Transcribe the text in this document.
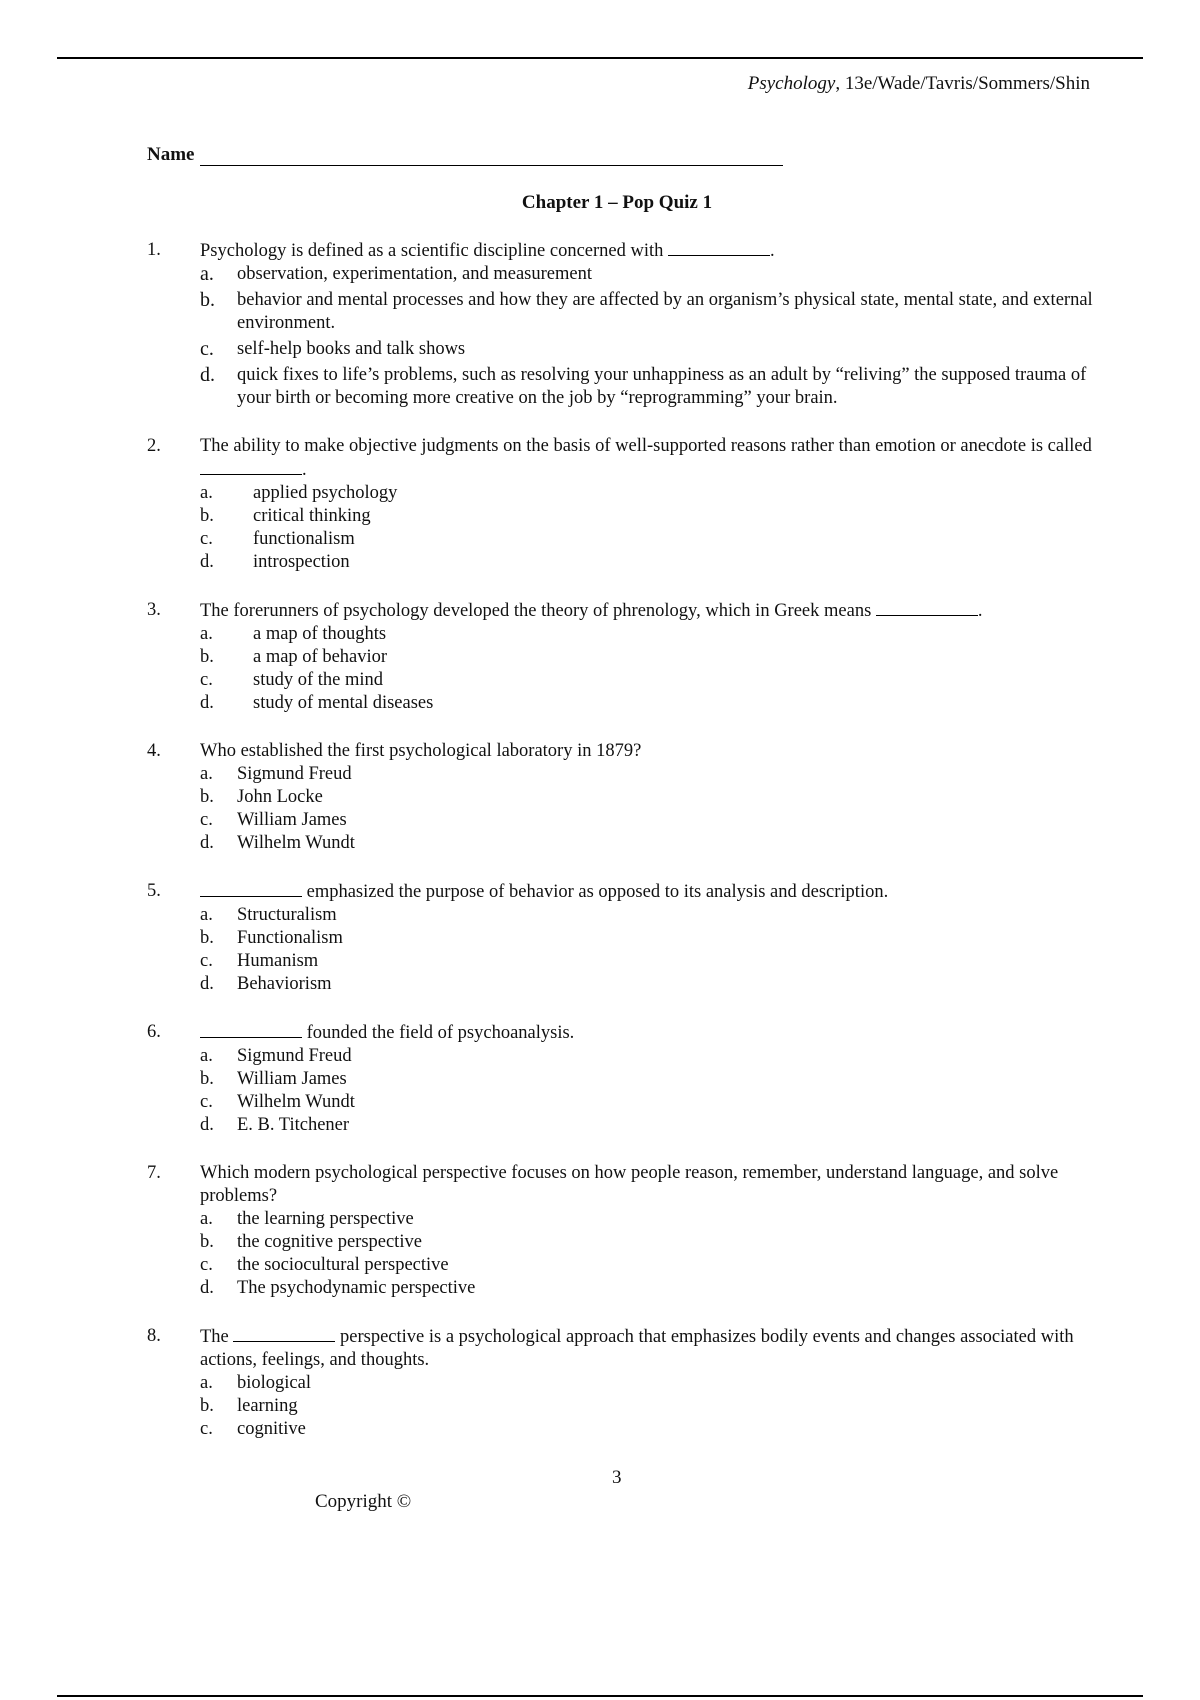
Psychology, 13e/Wade/Tavris/Sommers/Shin
Name
Chapter 1 – Pop Quiz 1
1. Psychology is defined as a scientific discipline concerned with	.
a. observation, experimentation, and measurement
b. behavior and mental processes and how they are affected by an organism’s physical state, mental state, and external environment.
c. self-help books and talk shows
d. quick fixes to life’s problems, such as resolving your unhappiness as an adult by “reliving” the supposed trauma of your birth or becoming more creative on the job by “reprogramming” your brain.
2. The ability to make objective judgments on the basis of well-supported reasons rather than emotion or anecdote is called .
a. applied psychology
b. critical thinking
c. functionalism
d. introspection
3. The forerunners of psychology developed the theory of phrenology, which in Greek means	.
a. a map of thoughts
b. a map of behavior
c. study of the mind
d. study of mental diseases
4. Who established the first psychological laboratory in 1879?
a. Sigmund Freud
b. John Locke
c. William James
d. Wilhelm Wundt
5.	emphasized the purpose of behavior as opposed to its analysis and description.
a. Structuralism
b. Functionalism
c. Humanism
d. Behaviorism
6.	founded the field of psychoanalysis.
a. Sigmund Freud
b. William James
c. Wilhelm Wundt
d. E. B. Titchener
7. Which modern psychological perspective focuses on how people reason, remember, understand language, and solve problems?
a. the learning perspective
b. the cognitive perspective
c. the sociocultural perspective
d. The psychodynamic perspective
8. The	perspective is a psychological approach that emphasizes bodily events and changes associated with actions, feelings, and thoughts.
a. biological
b. learning
c. cognitive
3
Copyright ©
